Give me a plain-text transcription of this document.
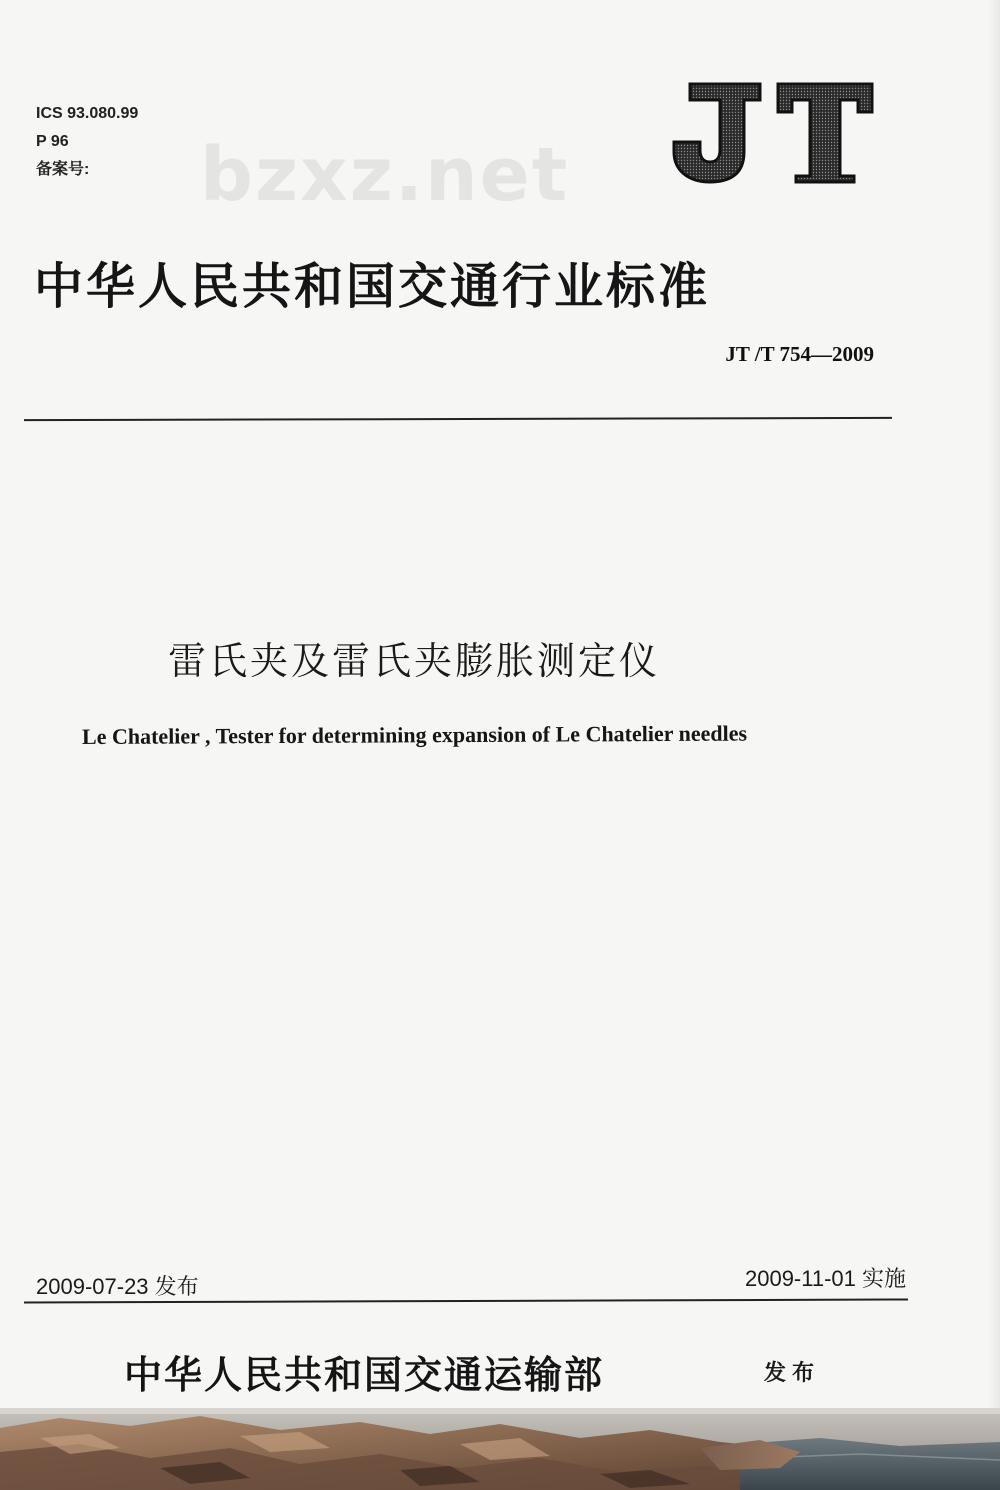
ICS 93.080.99
P 96
备案号:	bzxz.net
中华人民共和国交通行业标准
JT /T 754—2009
雷氏夹及雷氏夹膨胀测定仪
Le Chatelier , Tester for determining expansion of Le Chatelier needles
2009-07-23 发布	2009-11-01 实施
中华人民共和国交通运输部	发布
